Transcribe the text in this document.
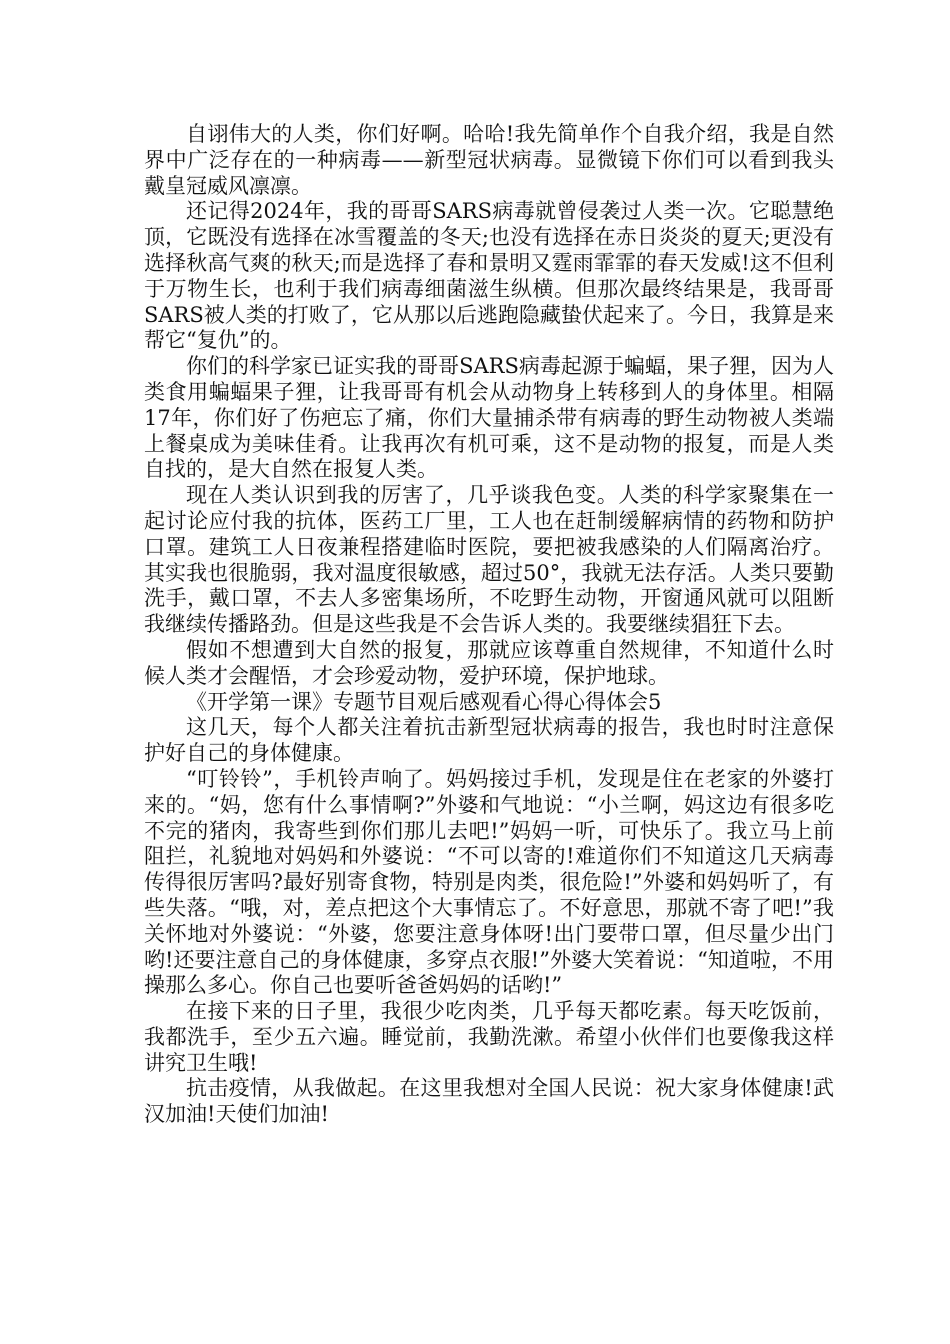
自诩伟大的人类，你们好啊。哈哈!我先简单作个自我介绍，我是自然界中广泛存在的一种病毒——新型冠状病毒。显微镜下你们可以看到我头戴皇冠威风凛凛。

还记得2024年，我的哥哥SARS病毒就曾侵袭过人类一次。它聪慧绝顶，它既没有选择在冰雪覆盖的冬天;也没有选择在赤日炎炎的夏天;更没有选择秋高气爽的秋天;而是选择了春和景明又霆雨霏霏的春天发威!这不但利于万物生长，也利于我们病毒细菌滋生纵横。但那次最终结果是，我哥哥SARS被人类的打败了，它从那以后逃跑隐藏蛰伏起来了。今日，我算是来帮它“复仇”的。

你们的科学家已证实我的哥哥SARS病毒起源于蝙蝠，果子狸，因为人类食用蝙蝠果子狸，让我哥哥有机会从动物身上转移到人的身体里。相隔17年，你们好了伤疤忘了痛，你们大量捕杀带有病毒的野生动物被人类端上餐桌成为美味佳肴。让我再次有机可乘，这不是动物的报复，而是人类自找的，是大自然在报复人类。

现在人类认识到我的厉害了，几乎谈我色变。人类的科学家聚集在一起讨论应付我的抗体，医药工厂里，工人也在赶制缓解病情的药物和防护口罩。建筑工人日夜兼程搭建临时医院，要把被我感染的人们隔离治疗。其实我也很脆弱，我对温度很敏感，超过50°，我就无法存活。人类只要勤洗手，戴口罩，不去人多密集场所，不吃野生动物，开窗通风就可以阻断我继续传播路劲。但是这些我是不会告诉人类的。我要继续猖狂下去。

假如不想遭到大自然的报复，那就应该尊重自然规律，不知道什么时候人类才会醒悟，才会珍爱动物，爱护环境，保护地球。

《开学第一课》专题节目观后感观看心得心得体会5

这几天，每个人都关注着抗击新型冠状病毒的报告，我也时时注意保护好自己的身体健康。

“叮铃铃”，手机铃声响了。妈妈接过手机，发现是住在老家的外婆打来的。“妈，您有什么事情啊?”外婆和气地说：“小兰啊，妈这边有很多吃不完的猪肉，我寄些到你们那儿去吧!”妈妈一听，可快乐了。我立马上前阻拦，礼貌地对妈妈和外婆说：“不可以寄的!难道你们不知道这几天病毒传得很厉害吗?最好别寄食物，特别是肉类，很危险!”外婆和妈妈听了，有些失落。“哦，对，差点把这个大事情忘了。不好意思，那就不寄了吧!”我关怀地对外婆说：“外婆，您要注意身体呀!出门要带口罩，但尽量少出门哟!还要注意自己的身体健康，多穿点衣服!”外婆大笑着说：“知道啦，不用操那么多心。你自己也要听爸爸妈妈的话哟!”

在接下来的日子里，我很少吃肉类，几乎每天都吃素。每天吃饭前，我都洗手，至少五六遍。睡觉前，我勤洗漱。希望小伙伴们也要像我这样讲究卫生哦!

抗击疫情，从我做起。在这里我想对全国人民说：祝大家身体健康!武汉加油!天使们加油!
